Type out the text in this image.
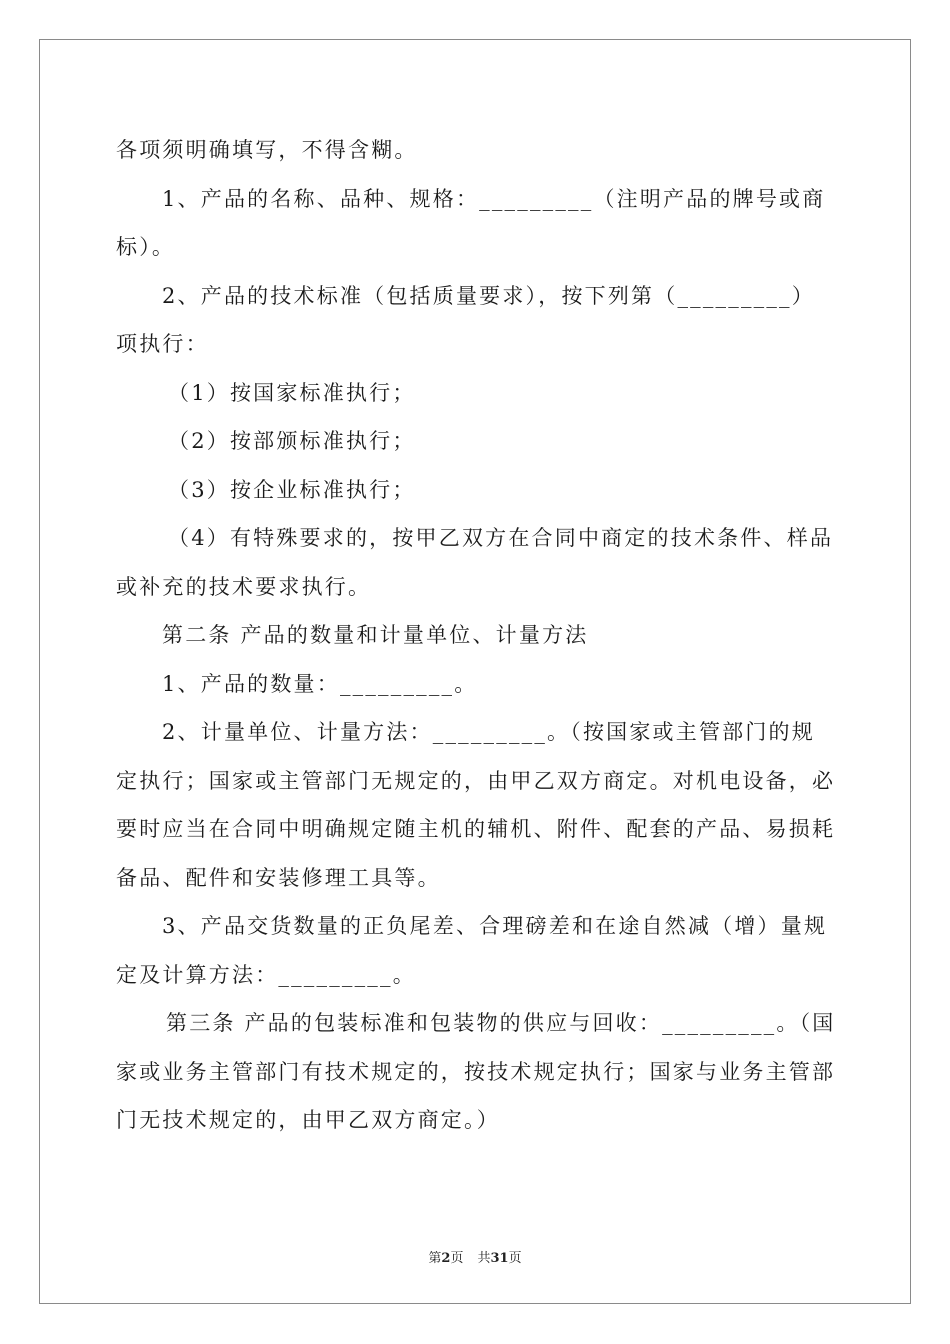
各项须明确填写，不得含糊。

1、产品的名称、品种、规格：_________（注明产品的牌号或商标）。

2、产品的技术标准（包括质量要求），按下列第（_________）项执行：

（1）按国家标准执行；

（2）按部颁标准执行；

（3）按企业标准执行；

（4）有特殊要求的，按甲乙双方在合同中商定的技术条件、样品或补充的技术要求执行。

第二条 产品的数量和计量单位、计量方法

1、产品的数量：_________。

2、计量单位、计量方法：_________。（按国家或主管部门的规定执行；国家或主管部门无规定的，由甲乙双方商定。对机电设备，必要时应当在合同中明确规定随主机的辅机、附件、配套的产品、易损耗备品、配件和安装修理工具等。

3、产品交货数量的正负尾差、合理磅差和在途自然减（增）量规定及计算方法：_________。

第三条 产品的包装标准和包装物的供应与回收：_________。（国家或业务主管部门有技术规定的，按技术规定执行；国家与业务主管部门无技术规定的，由甲乙双方商定。）

第2页 共31页
